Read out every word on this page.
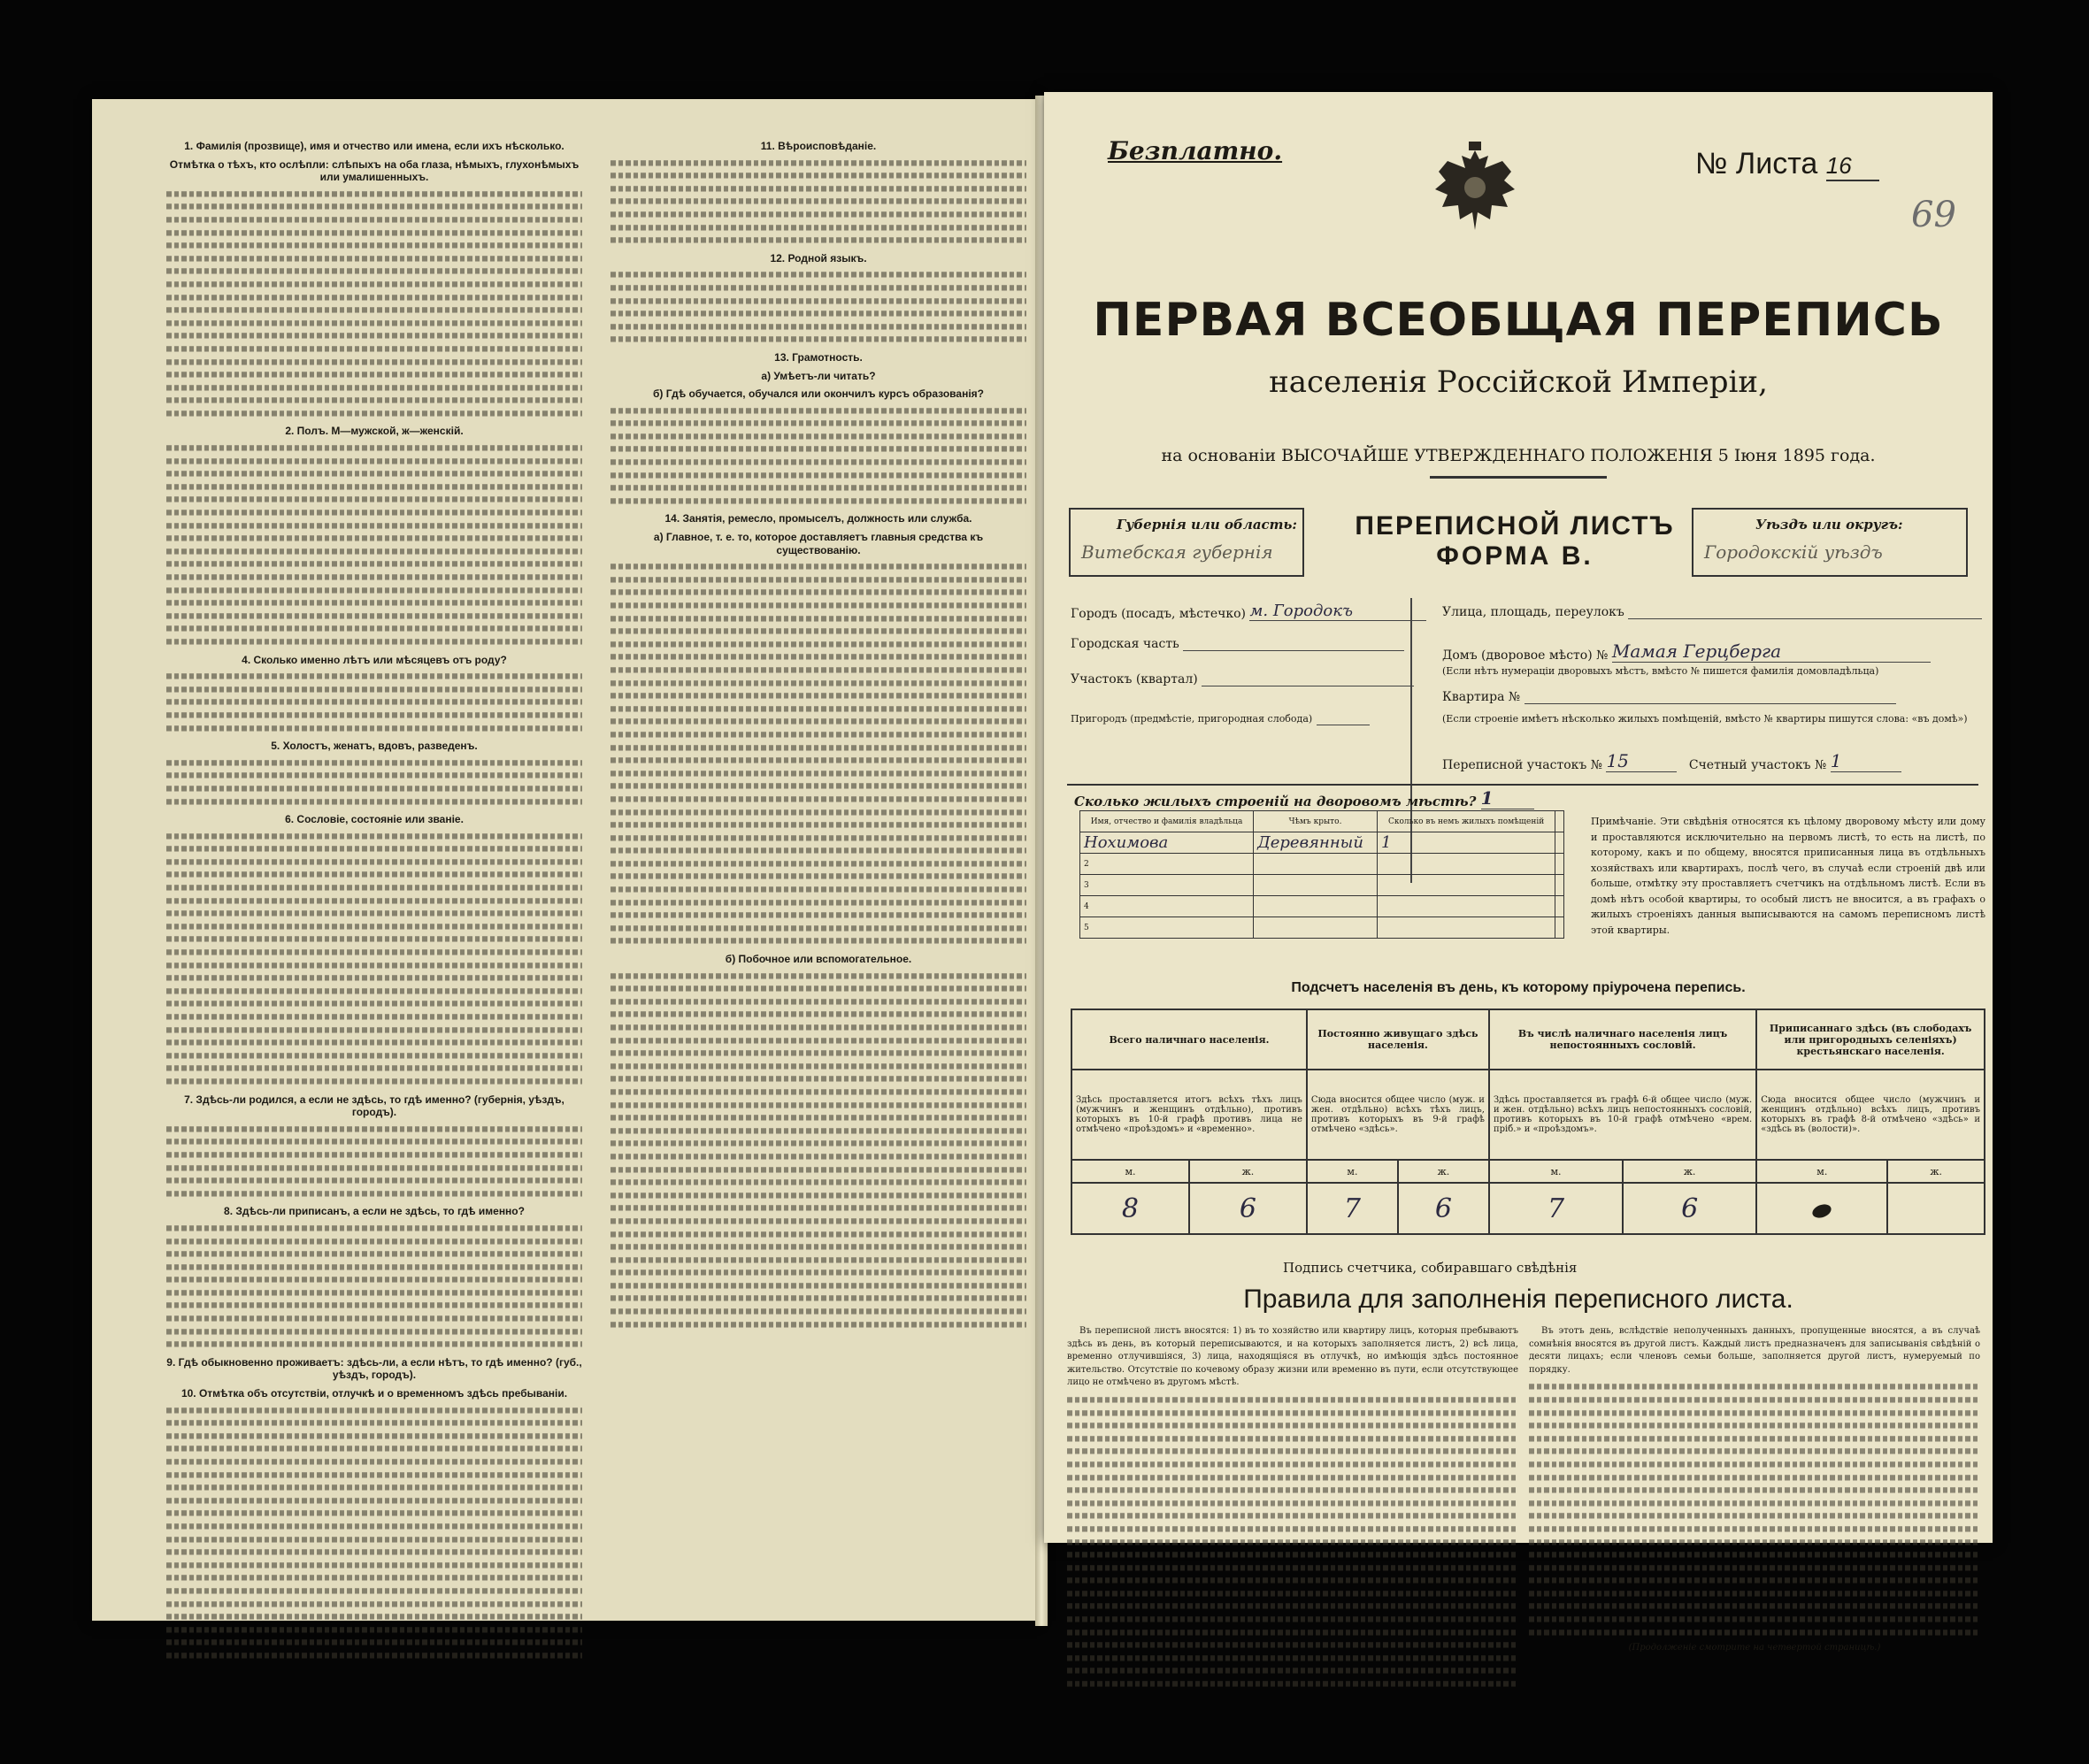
1. Фамилія (прозвище), имя и отчество или имена, если ихъ нѣсколько.
Отмѣтка о тѣхъ, кто ослѣпли: слѣпыхъ на оба глаза, нѣмыхъ, глухонѣмыхъ или умалишенныхъ.
2. Полъ. М—мужской, ж—женскій.
4. Сколько именно лѣтъ или мѣсяцевъ отъ роду?
5. Холостъ, женатъ, вдовъ, разведенъ.
6. Сословіе, состояніе или званіе.
7. Здѣсь-ли родился, а если не здѣсь, то гдѣ именно? (губернія, уѣздъ, городъ).
8. Здѣсь-ли приписанъ, а если не здѣсь, то гдѣ именно?
9. Гдѣ обыкновенно проживаетъ: здѣсь-ли, а если нѣтъ, то гдѣ именно? (губ., уѣздъ, городъ).
10. Отмѣтка объ отсутствіи, отлучкѣ и о временномъ здѣсь пребываніи.
11. Вѣроисповѣданіе.
12. Родной языкъ.
13. Грамотность.
а) Умѣетъ-ли читать?
б) Гдѣ обучается, обучался или окончилъ курсъ образованія?
14. Занятія, ремесло, промыселъ, должность или служба.
а) Главное, т. е. то, которое доставляетъ главныя средства къ существованію.
б) Побочное или вспомогательное.
Безплатно.	№ Листа 16
69
ПЕРВАЯ ВСЕОБЩАЯ ПЕРЕПИСЬ
населенія Россійской Имперіи,
на основаніи ВЫСОЧАЙШЕ УТВЕРЖДЕННАГО ПОЛОЖЕНІЯ 5 Іюня 1895 года.
Губернія или область:
Витебская губернія
ПЕРЕПИСНОЙ ЛИСТЪ
ФОРМА В.
Уѣздъ или округъ:
Городокскій уѣздъ
Городъ (посадъ, мѣстечко) м. Городокъ
Городская часть
Участокъ (квартал)
Пригородъ (предмѣстіе, пригородная слобода)
Улица, площадь, переулокъ
Домъ (дворовое мѣсто) № Мамая Герцберга
(Если нѣтъ нумераціи дворовыхъ мѣстъ, вмѣсто № пишется фамилія домовладѣльца)
Квартира №
(Если строеніе имѣетъ нѣсколько жилыхъ помѣщеній, вмѣсто № квартиры пишутся слова: «въ домѣ»)
Переписной участокъ № 15	Счетный участокъ № 1
Сколько жилыхъ строеній на дворовомъ мѣстѣ? 1
Имя, отчество и фамилія владѣльца	Чѣмъ крыто.	Сколько въ немъ жилыхъ помѣщеній	
Нохимова	Деревянный	1	
2			
3			
4			
5			
Примѣчаніе. Эти свѣдѣнія относятся къ цѣлому дворовому мѣсту или дому и проставляются исключительно на первомъ листѣ, то есть на листѣ, по которому, какъ и по общему, вносятся приписанныя лица въ отдѣльныхъ хозяйствахъ или квартирахъ, послѣ чего, въ случаѣ если строеній двѣ или больше, отмѣтку эту проставляетъ счетчикъ на отдѣльномъ листѣ. Если въ домѣ нѣтъ особой квартиры, то особый листъ не вносится, а въ графахъ о жилыхъ строеніяхъ данныя выписываются на самомъ переписномъ листѣ этой квартиры.
Подсчетъ населенія въ день, къ которому пріурочена перепись.
Всего наличнаго населенія.		Постоянно живущаго здѣсь населенія.		Въ числѣ наличнаго населенія лицъ непостоянныхъ сословій.		Приписаннаго здѣсь (въ слободахъ или пригородныхъ селеніяхъ) крестьянскаго населенія.	
Здѣсь проставляется итогъ всѣхъ тѣхъ лицъ (мужчинъ и женщинъ отдѣльно), противъ которыхъ въ 10-й графѣ противъ лица не отмѣчено «проѣздомъ» и «временно».		Сюда вносится общее число (муж. и жен. отдѣльно) всѣхъ тѣхъ лицъ, противъ которыхъ въ 9-й графѣ отмѣчено «здѣсь».		Здѣсь проставляется въ графѣ 6-й общее число (муж. и жен. отдѣльно) всѣхъ лицъ непостоянныхъ сословій, противъ которыхъ въ 10-й графѣ отмѣчено «врем. пріб.» и «проѣздомъ».		Сюда вносится общее число (мужчинъ и женщинъ отдѣльно) всѣхъ лицъ, противъ которыхъ въ графѣ 8-й отмѣчено «здѣсь» и «здѣсь въ (волости)».	
м.	ж.	м.	ж.	м.	ж.	м.	ж.
8	6	7	6	7	6		
Подпись счетчика, собиравшаго свѣдѣнія
Правила для заполненія переписного листа.

Въ переписной листъ вносятся: 1) въ то хозяйство или квартиру лицъ, которыя пребываютъ здѣсь въ день, въ который переписываются, и на которыхъ заполняется листъ, 2) всѣ лица, временно отлучившіяся, 3) лица, находящіяся въ отлучкѣ, но имѣющія здѣсь постоянное жительство. Отсутствіе по кочевому образу жизни или временно въ пути, если отсутствующее лицо не отмѣчено въ другомъ мѣстѣ.

Въ этотъ день, вслѣдствіе неполученныхъ данныхъ, пропущенные вносятся, а въ случаѣ сомнѣнія вносятся въ другой листъ. Каждый листъ предназначенъ для записыванія свѣдѣній о десяти лицахъ; если членовъ семьи больше, заполняется другой листъ, нумеруемый по порядку.

(Продолженіе смотрите на четвертой страницѣ.)
